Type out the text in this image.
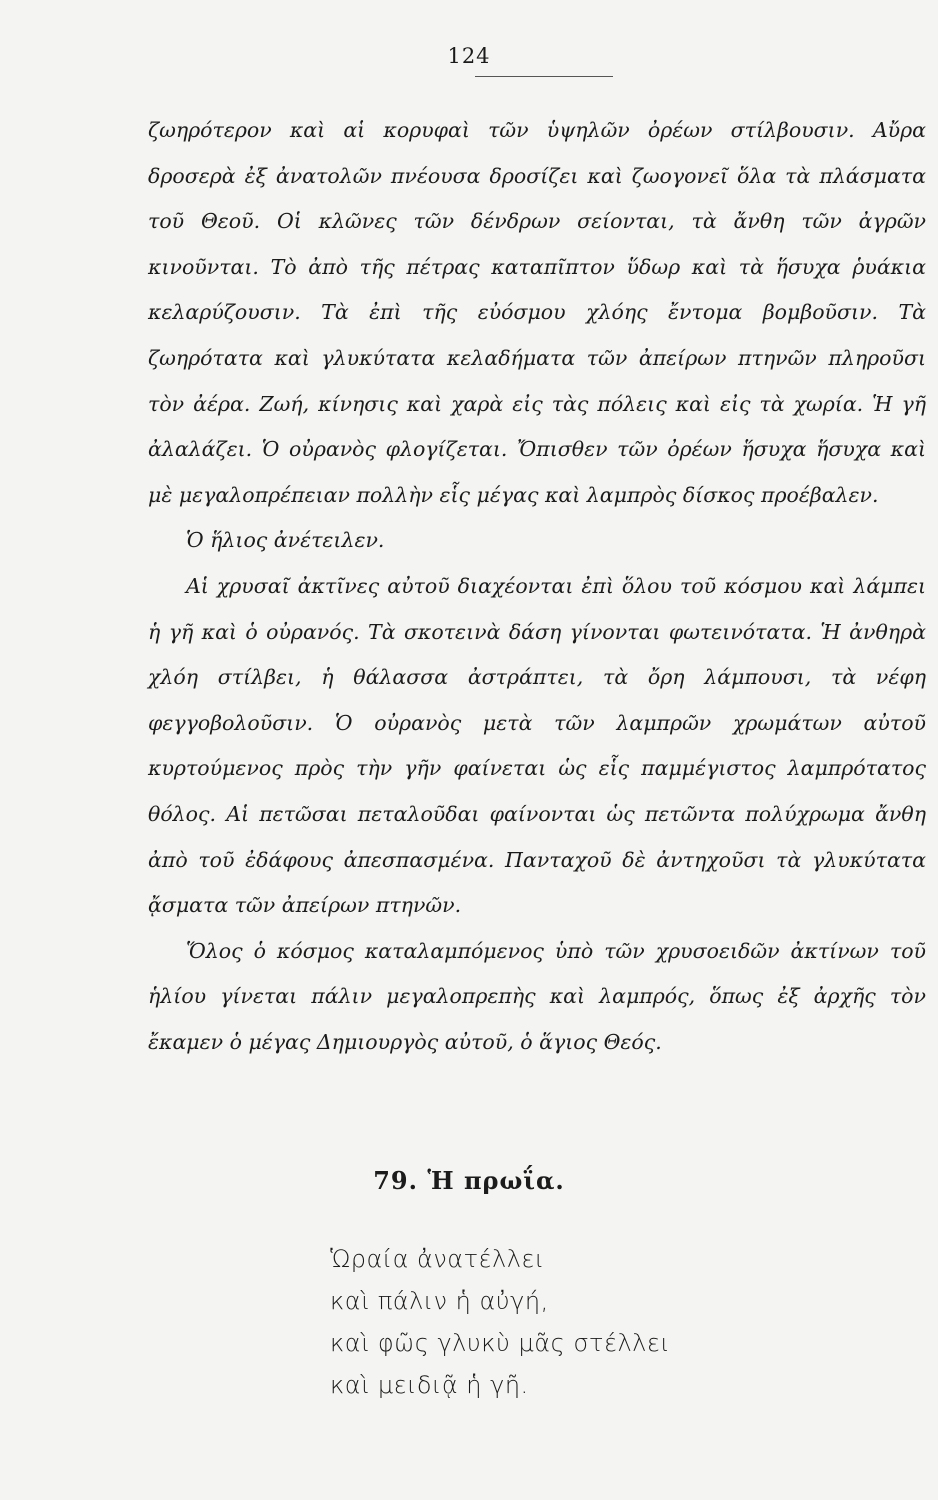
124

ζωηρότερον καὶ αἱ κορυφαὶ τῶν ὑψηλῶν ὀρέων στίλβουσιν. Αὔρα δροσερὰ ἐξ ἀνατολῶν πνέουσα δροσίζει καὶ ζωογονεῖ ὅλα τὰ πλάσματα τοῦ Θεοῦ. Οἱ κλῶνες τῶν δένδρων σείονται, τὰ ἄνθη τῶν ἀγρῶν κινοῦνται. Τὸ ἀπὸ τῆς πέτρας καταπῖπτον ὕδωρ καὶ τὰ ἥσυχα ῥυάκια κελαρύζουσιν. Τὰ ἐπὶ τῆς εὐόσμου χλόης ἔντομα βομβοῦσιν. Τὰ ζωηρότατα καὶ γλυκύτατα κελαδήματα τῶν ἀπείρων πτηνῶν πληροῦσι τὸν ἀέρα. Ζωή, κίνησις καὶ χαρὰ εἰς τὰς πόλεις καὶ εἰς τὰ χωρία. Ἡ γῆ ἀλαλάζει. Ὁ οὐρανὸς φλογίζεται. Ὄπισθεν τῶν ὀρέων ἥσυχα ἥσυχα καὶ μὲ μεγαλοπρέπειαν πολλὴν εἷς μέγας καὶ λαμπρὸς δίσκος προέβαλεν.

Ὁ ἥλιος ἀνέτειλεν.

Αἱ χρυσαῖ ἀκτῖνες αὐτοῦ διαχέονται ἐπὶ ὅλου τοῦ κόσμου καὶ λάμπει ἡ γῆ καὶ ὁ οὐρανός. Τὰ σκοτεινὰ δάση γίνονται φωτεινότατα. Ἡ ἀνθηρὰ χλόη στίλβει, ἡ θάλασσα ἀστράπτει, τὰ ὄρη λάμπουσι, τὰ νέφη φεγγοβολοῦσιν. Ὁ οὐρανὸς μετὰ τῶν λαμπρῶν χρωμάτων αὐτοῦ κυρτούμενος πρὸς τὴν γῆν φαίνεται ὡς εἷς παμμέγιστος λαμπρότατος θόλος. Αἱ πετῶσαι πεταλοῦδαι φαίνονται ὡς πετῶντα πολύχρωμα ἄνθη ἀπὸ τοῦ ἐδάφους ἀπεσπασμένα. Πανταχοῦ δὲ ἀντηχοῦσι τὰ γλυκύτατα ᾄσματα τῶν ἀπείρων πτηνῶν.

Ὅλος ὁ κόσμος καταλαμπόμενος ὑπὸ τῶν χρυσοειδῶν ἀκτίνων τοῦ ἡλίου γίνεται πάλιν μεγαλοπρεπὴς καὶ λαμπρός, ὅπως ἐξ ἀρχῆς τὸν ἔκαμεν ὁ μέγας Δημιουργὸς αὐτοῦ, ὁ ἅγιος Θεός.

79. Ἡ πρωΐα.
Ὡραία ἀνατέλλει
καὶ πάλιν ἡ αὐγή,
καὶ φῶς γλυκὺ μᾶς στέλλει
καὶ μειδιᾷ ἡ γῆ.
